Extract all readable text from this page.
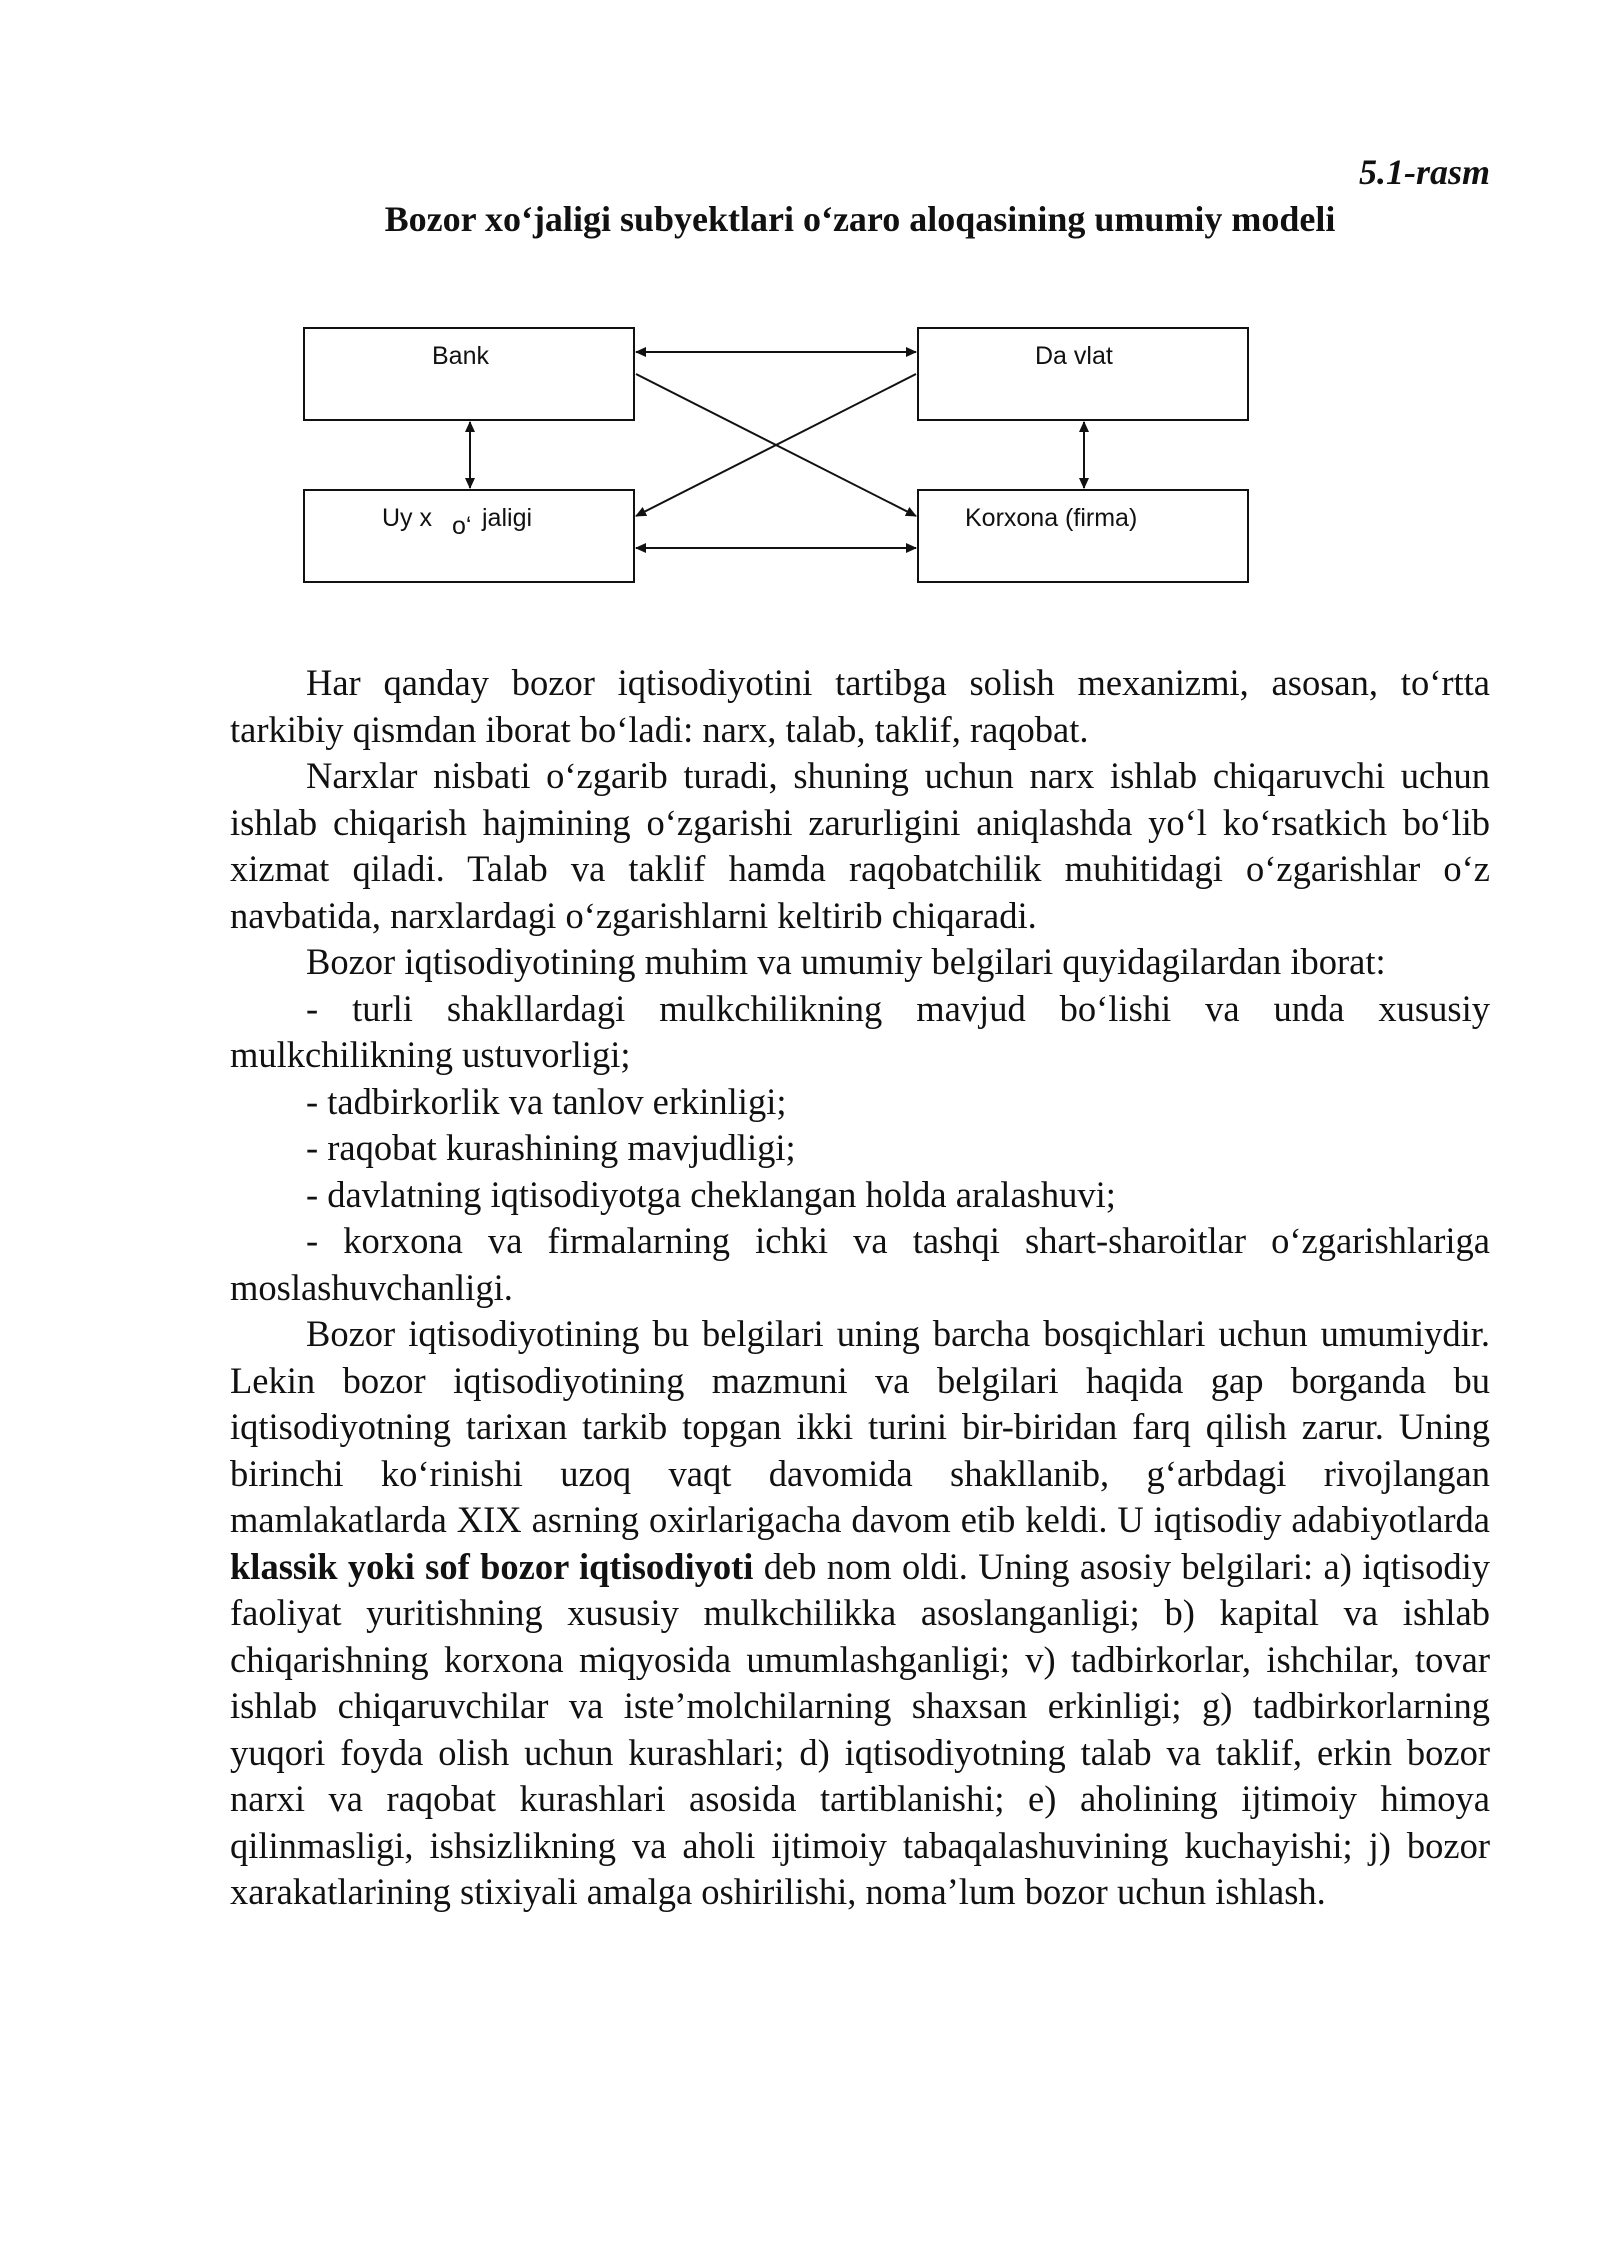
5.1-rasm

Bozor xo‘jaligi subyektlari o‘zaro aloqasining umumiy modeli

Bank	Da vlat
Uy x o‘ jaligi	Korxona (firma)

Har qanday bozor iqtisodiyotini tartibga solish mexanizmi, asosan, to‘rtta tarkibiy qismdan iborat bo‘ladi: narx, talab, taklif, raqobat.

Narxlar nisbati o‘zgarib turadi, shuning uchun narx ishlab chiqaruvchi uchun ishlab chiqarish hajmining o‘zgarishi zarurligini aniqlashda yo‘l ko‘rsatkich bo‘lib xizmat qiladi. Talab va taklif hamda raqobatchilik muhitidagi o‘zgarishlar o‘z navbatida, narxlardagi o‘zgarishlarni keltirib chiqaradi.

Bozor iqtisodiyotining muhim va umumiy belgilari quyidagilardan iborat:

- turli shakllardagi mulkchilikning mavjud bo‘lishi va unda xususiy mulkchilikning ustuvorligi;

- tadbirkorlik va tanlov erkinligi;

- raqobat kurashining mavjudligi;

- davlatning iqtisodiyotga cheklangan holda aralashuvi;

- korxona va firmalarning ichki va tashqi shart-sharoitlar o‘zgarishlariga moslashuvchanligi.

Bozor iqtisodiyotining bu belgilari uning barcha bosqichlari uchun umumiydir. Lekin bozor iqtisodiyotining mazmuni va belgilari haqida gap borganda bu iqtisodiyotning tarixan tarkib topgan ikki turini bir-biridan farq qilish zarur. Uning birinchi ko‘rinishi uzoq vaqt davomida shakllanib, g‘arbdagi rivojlangan mamlakatlarda XIX asrning oxirlarigacha davom etib keldi. U iqtisodiy adabiyotlarda klassik yoki sof bozor iqtisodiyoti deb nom oldi. Uning asosiy belgilari: a) iqtisodiy faoliyat yuritishning xususiy mulkchilikka asoslanganligi; b) kapital va ishlab chiqarishning korxona miqyosida umumlashganligi; v) tadbirkorlar, ishchilar, tovar ishlab chiqaruvchilar va iste’molchilarning shaxsan erkinligi; g) tadbirkorlarning yuqori foyda olish uchun kurashlari; d) iqtisodiyotning talab va taklif, erkin bozor narxi va raqobat kurashlari asosida tartiblanishi; e) aholining ijtimoiy himoya qilinmasligi, ishsizlikning va aholi ijtimoiy tabaqalashuvining kuchayishi; j) bozor xarakatlarining stixiyali amalga oshirilishi, noma’lum bozor uchun ishlash.
